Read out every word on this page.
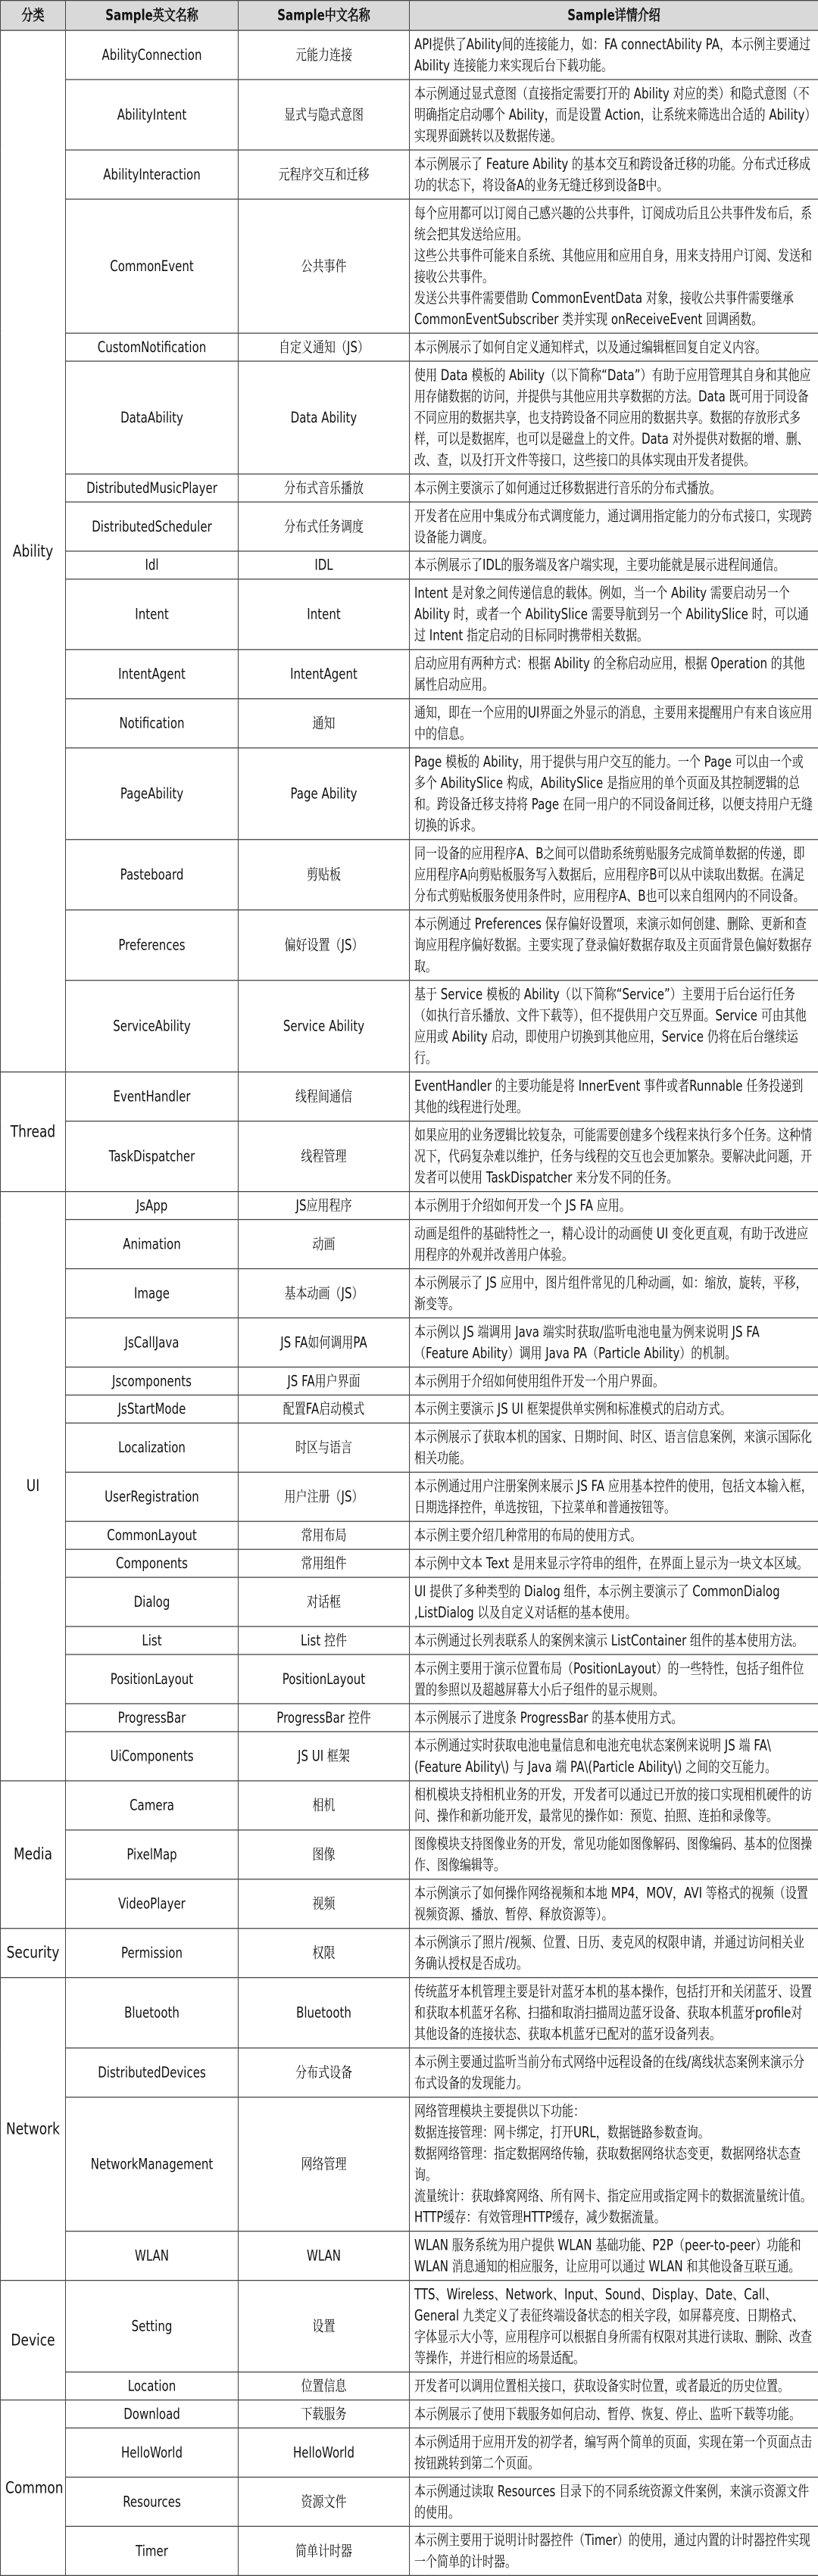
分类	Sample英文名称	Sample中文名称	Sample详情介绍
Ability	AbilityConnection	元能力连接	API提供了Ability间的连接能力，如：FA connectAbility PA，本示例主要通过 Ability 连接能力来实现后台下载功能。

	AbilityIntent	显式与隐式意图	本示例通过显式意图（直接指定需要打开的 Ability 对应的类）和隐式意图（不明确指定启动哪个 Ability，而是设置 Action，让系统来筛选出合适的 Ability）实现界面跳转以及数据传递。

	AbilityInteraction	元程序交互和迁移	本示例展示了 Feature Ability 的基本交互和跨设备迁移的功能。分布式迁移成功的状态下，将设备A的业务无缝迁移到设备B中。

	CommonEvent	公共事件	每个应用都可以订阅自己感兴趣的公共事件，订阅成功后且公共事件发布后，系统会把其发送给应用。
这些公共事件可能来自系统、其他应用和应用自身，用来支持用户订阅、发送和接收公共事件。
发送公共事件需要借助 CommonEventData 对象，接收公共事件需要继承 CommonEventSubscriber 类并实现 onReceiveEvent 回调函数。

	CustomNotification	自定义通知（JS）	本示例展示了如何自定义通知样式，以及通过编辑框回复自定义内容。

	DataAbility	Data Ability	使用 Data 模板的 Ability（以下简称“Data”）有助于应用管理其自身和其他应用存储数据的访问，并提供与其他应用共享数据的方法。Data 既可用于同设备不同应用的数据共享，也支持跨设备不同应用的数据共享。数据的存放形式多样，可以是数据库，也可以是磁盘上的文件。Data 对外提供对数据的增、删、改、查，以及打开文件等接口，这些接口的具体实现由开发者提供。

	DistributedMusicPlayer	分布式音乐播放	本示例主要演示了如何通过迁移数据进行音乐的分布式播放。

	DistributedScheduler	分布式任务调度	开发者在应用中集成分布式调度能力，通过调用指定能力的分布式接口，实现跨设备能力调度。

	Idl	IDL	本示例展示了IDL的服务端及客户端实现，主要功能就是展示进程间通信。

	Intent	Intent	Intent 是对象之间传递信息的载体。例如，当一个 Ability 需要启动另一个Ability 时，或者一个 AbilitySlice 需要导航到另一个 AbilitySlice 时，可以通过 Intent 指定启动的目标同时携带相关数据。

	IntentAgent	IntentAgent	启动应用有两种方式：根据 Ability 的全称启动应用，根据 Operation 的其他属性启动应用。

	Notification	通知	通知，即在一个应用的UI界面之外显示的消息，主要用来提醒用户有来自该应用中的信息。

	PageAbility	Page Ability	Page 模板的 Ability，用于提供与用户交互的能力。一个 Page 可以由一个或多个 AbilitySlice 构成，AbilitySlice 是指应用的单个页面及其控制逻辑的总和。跨设备迁移支持将 Page 在同一用户的不同设备间迁移，以便支持用户无缝切换的诉求。

	Pasteboard	剪贴板	同一设备的应用程序A、B之间可以借助系统剪贴服务完成简单数据的传递，即应用程序A向剪贴板服务写入数据后，应用程序B可以从中读取出数据。在满足分布式剪贴板服务使用条件时，应用程序A、B也可以来自组网内的不同设备。

	Preferences	偏好设置（JS）	本示例通过 Preferences 保存偏好设置项，来演示如何创建、删除、更新和查询应用程序偏好数据。主要实现了登录偏好数据存取及主页面背景色偏好数据存取。

	ServiceAbility	Service Ability	基于 Service 模板的 Ability（以下简称“Service”）主要用于后台运行任务（如执行音乐播放、文件下载等），但不提供用户交互界面。Service 可由其他应用或 Ability 启动，即使用户切换到其他应用，Service 仍将在后台继续运行。

Thread	EventHandler	线程间通信	EventHandler 的主要功能是将 InnerEvent 事件或者Runnable 任务投递到其他的线程进行处理。

	TaskDispatcher	线程管理	如果应用的业务逻辑比较复杂，可能需要创建多个线程来执行多个任务。这种情况下，代码复杂难以维护，任务与线程的交互也会更加繁杂。要解决此问题，开发者可以使用 TaskDispatcher 来分发不同的任务。

UI	JsApp	JS应用程序	本示例用于介绍如何开发一个 JS FA 应用。

	Animation	动画	动画是组件的基础特性之一，精心设计的动画使 UI 变化更直观，有助于改进应用程序的外观并改善用户体验。

	Image	基本动画（JS）	本示例展示了 JS 应用中，图片组件常见的几种动画，如：缩放，旋转，平移，渐变等。

	JsCallJava	JS FA如何调用PA	本示例以 JS 端调用 Java 端实时获取/监听电池电量为例来说明 JS FA（Feature Ability）调用 Java PA（Particle Ability）的机制。

	Jscomponents	JS FA用户界面	本示例用于介绍如何使用组件开发一个用户界面。

	JsStartMode	配置FA启动模式	本示例主要演示 JS UI 框架提供单实例和标准模式的启动方式。

	Localization	时区与语言	本示例展示了获取本机的国家、日期时间、时区、语言信息案例，来演示国际化相关功能。

	UserRegistration	用户注册（JS）	本示例通过用户注册案例来展示 JS FA 应用基本控件的使用，包括文本输入框，日期选择控件，单选按钮，下拉菜单和普通按钮等。

	CommonLayout	常用布局	本示例主要介绍几种常用的布局的使用方式。

	Components	常用组件	本示例中文本 Text 是用来显示字符串的组件，在界面上显示为一块文本区域。

	Dialog	对话框	UI 提供了多种类型的 Dialog 组件，本示例主要演示了 CommonDialog ,ListDialog 以及自定义对话框的基本使用。

	List	List 控件	本示例通过长列表联系人的案例来演示 ListContainer 组件的基本使用方法。

	PositionLayout	PositionLayout	本示例主要用于演示位置布局（PositionLayout）的一些特性，包括子组件位置的参照以及超越屏幕大小后子组件的显示规则。

	ProgressBar	ProgressBar 控件	本示例展示了进度条 ProgressBar 的基本使用方式。

	UiComponents	JS UI 框架	本示例通过实时获取电池电量信息和电池充电状态案例来说明 JS 端 FA\(Feature Ability\) 与 Java 端 PA\(Particle Ability\) 之间的交互能力。

Media	Camera	相机	相机模块支持相机业务的开发，开发者可以通过已开放的接口实现相机硬件的访问、操作和新功能开发，最常见的操作如：预览、拍照、连拍和录像等。

	PixelMap	图像	图像模块支持图像业务的开发，常见功能如图像解码、图像编码、基本的位图操作、图像编辑等。

	VideoPlayer	视频	本示例演示了如何操作网络视频和本地 MP4，MOV，AVI 等格式的视频（设置视频资源、播放、暂停、释放资源等）。

Security	Permission	权限	本示例演示了照片/视频、位置、日历、麦克风的权限申请，并通过访问相关业务确认授权是否成功。

Network	Bluetooth	Bluetooth	传统蓝牙本机管理主要是针对蓝牙本机的基本操作，包括打开和关闭蓝牙、设置和获取本机蓝牙名称、扫描和取消扫描周边蓝牙设备、获取本机蓝牙profile对其他设备的连接状态、获取本机蓝牙已配对的蓝牙设备列表。

	DistributedDevices	分布式设备	本示例主要通过监听当前分布式网络中远程设备的在线/离线状态案例来演示分布式设备的发现能力。

	NetworkManagement	网络管理	网络管理模块主要提供以下功能：
数据连接管理：网卡绑定，打开URL，数据链路参数查询。
数据网络管理：指定数据网络传输，获取数据网络状态变更，数据网络状态查询。
流量统计：获取蜂窝网络、所有网卡、指定应用或指定网卡的数据流量统计值。HTTP缓存：有效管理HTTP缓存，减少数据流量。

	WLAN	WLAN	WLAN 服务系统为用户提供 WLAN 基础功能、P2P（peer-to-peer）功能和 WLAN 消息通知的相应服务，让应用可以通过 WLAN 和其他设备互联互通。

Device	Setting	设置	TTS、Wireless、Network、Input、Sound、Display、Date、Call、General 九类定义了表征终端设备状态的相关字段，如屏幕亮度、日期格式、字体显示大小等，应用程序可以根据自身所需有权限对其进行读取、删除、改查等操作，并进行相应的场景适配。

	Location	位置信息	开发者可以调用位置相关接口，获取设备实时位置，或者最近的历史位置。

Common	Download	下载服务	本示例展示了使用下载服务如何启动、暂停、恢复、停止、监听下载等功能。

	HelloWorld	HelloWorld	本示例适用于应用开发的初学者，编写两个简单的页面，实现在第一个页面点击按钮跳转到第二个页面。

	Resources	资源文件	本示例通过读取 Resources 目录下的不同系统资源文件案例，来演示资源文件的使用。

	Timer	简单计时器	本示例主要用于说明计时器控件（Timer）的使用，通过内置的计时器控件实现一个简单的计时器。
